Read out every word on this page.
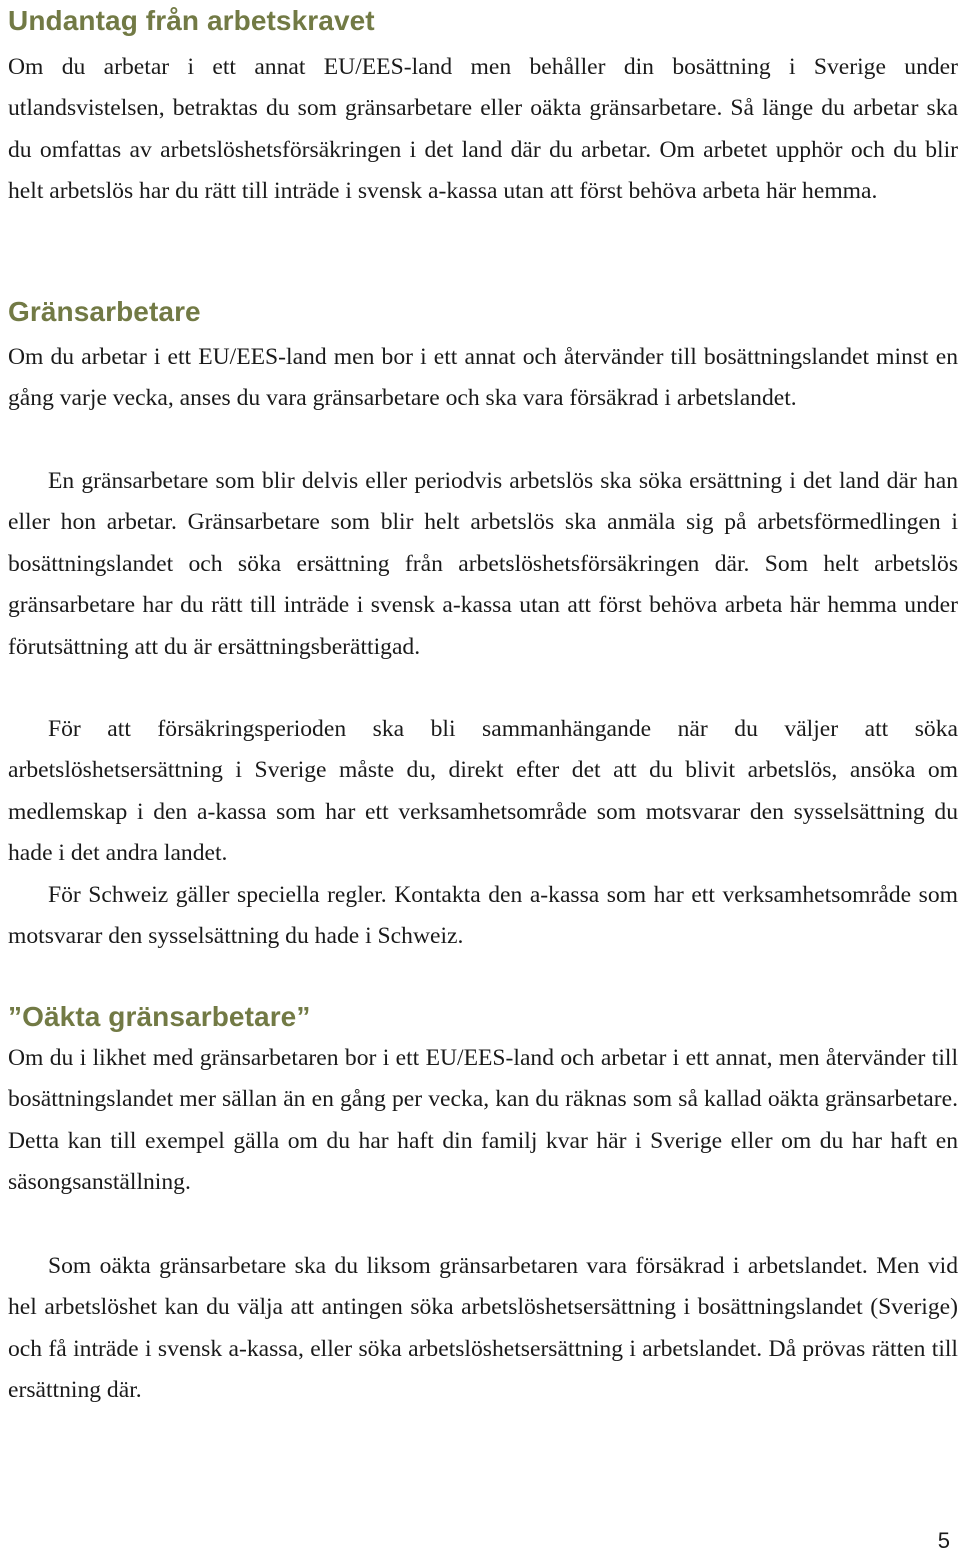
Undantag från arbetskravet

Om du arbetar i ett annat EU/EES-land men behåller din bosättning i Sverige under utlandsvistelsen, betraktas du som gränsarbetare eller oäkta gränsarbetare. Så länge du arbetar ska du omfattas av arbetslöshetsförsäkringen i det land där du arbetar. Om arbetet upphör och du blir helt arbetslös har du rätt till inträde i svensk a-kassa utan att först behöva arbeta här hemma.

Gränsarbetare

Om du arbetar i ett EU/EES-land men bor i ett annat och återvänder till bosättningslandet minst en gång varje vecka, anses du vara gränsarbetare och ska vara försäkrad i arbetslandet.

En gränsarbetare som blir delvis eller periodvis arbetslös ska söka ersättning i det land där han eller hon arbetar. Gränsarbetare som blir helt arbetslös ska anmäla sig på arbetsförmedlingen i bosättningslandet och söka ersättning från arbetslöshetsförsäkringen där. Som helt arbetslös gränsarbetare har du rätt till inträde i svensk a-kassa utan att först behöva arbeta här hemma under förutsättning att du är ersättningsberättigad.

För att försäkringsperioden ska bli sammanhängande när du väljer att söka arbetslöshetsersättning i Sverige måste du, direkt efter det att du blivit arbetslös, ansöka om medlemskap i den a-kassa som har ett verksamhetsområde som motsvarar den sysselsättning du hade i det andra landet.

För Schweiz gäller speciella regler. Kontakta den a-kassa som har ett verksamhetsområde som motsvarar den sysselsättning du hade i Schweiz.

”Oäkta gränsarbetare”

Om du i likhet med gränsarbetaren bor i ett EU/EES-land och arbetar i ett annat, men återvänder till bosättningslandet mer sällan än en gång per vecka, kan du räknas som så kallad oäkta gränsarbetare. Detta kan till exempel gälla om du har haft din familj kvar här i Sverige eller om du har haft en säsongsanställning.

Som oäkta gränsarbetare ska du liksom gränsarbetaren vara försäkrad i arbetslandet. Men vid hel arbetslöshet kan du välja att antingen söka arbetslöshetsersättning i bosättningslandet (Sverige) och få inträde i svensk a-kassa, eller söka arbetslöshetsersättning i arbetslandet. Då prövas rätten till ersättning där.

5
